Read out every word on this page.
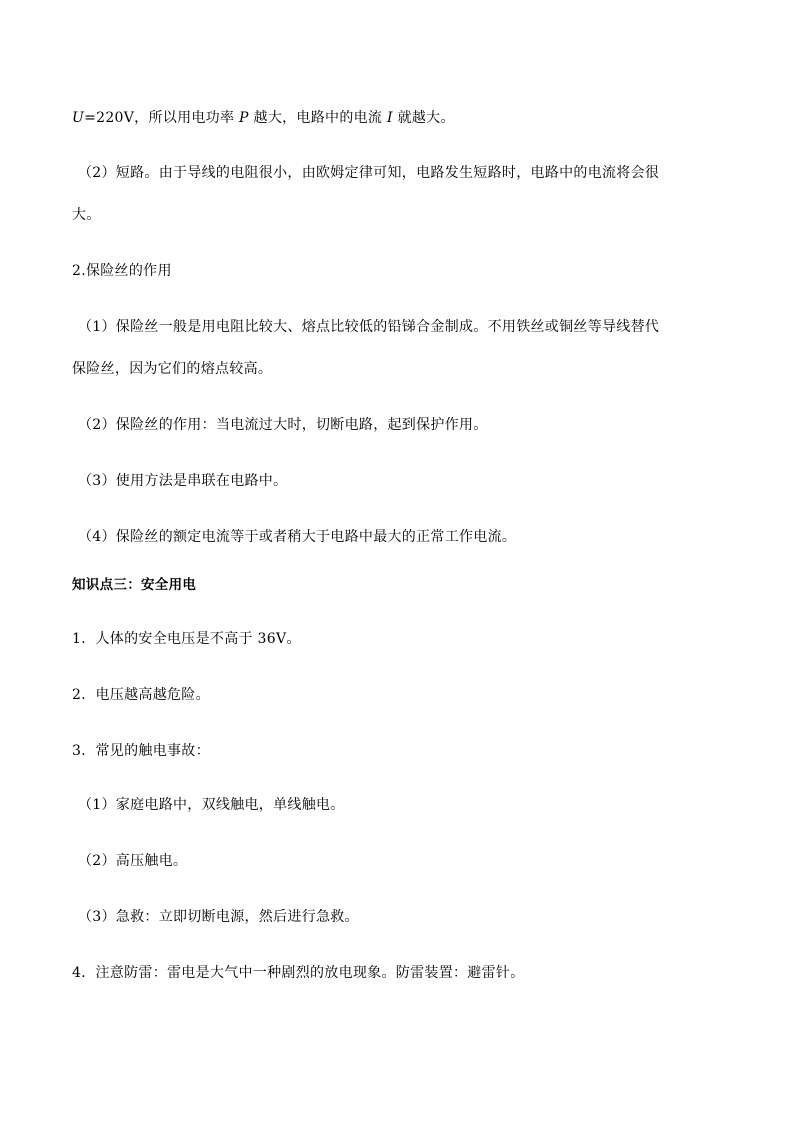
U=220V，所以用电功率 P 越大，电路中的电流 I 就越大。
（2）短路。由于导线的电阻很小，由欧姆定律可知，电路发生短路时，电路中的电流将会很
大。
2.保险丝的作用
（1）保险丝一般是用电阻比较大、熔点比较低的铅锑合金制成。不用铁丝或铜丝等导线替代
保险丝，因为它们的熔点较高。
（2）保险丝的作用：当电流过大时，切断电路，起到保护作用。
（3）使用方法是串联在电路中。
（4）保险丝的额定电流等于或者稍大于电路中最大的正常工作电流。
知识点三：安全用电
1．人体的安全电压是不高于 36V。
2．电压越高越危险。
3．常见的触电事故：
（1）家庭电路中，双线触电，单线触电。
（2）高压触电。
（3）急救：立即切断电源，然后进行急救。
4．注意防雷：雷电是大气中一种剧烈的放电现象。防雷装置：避雷针。
